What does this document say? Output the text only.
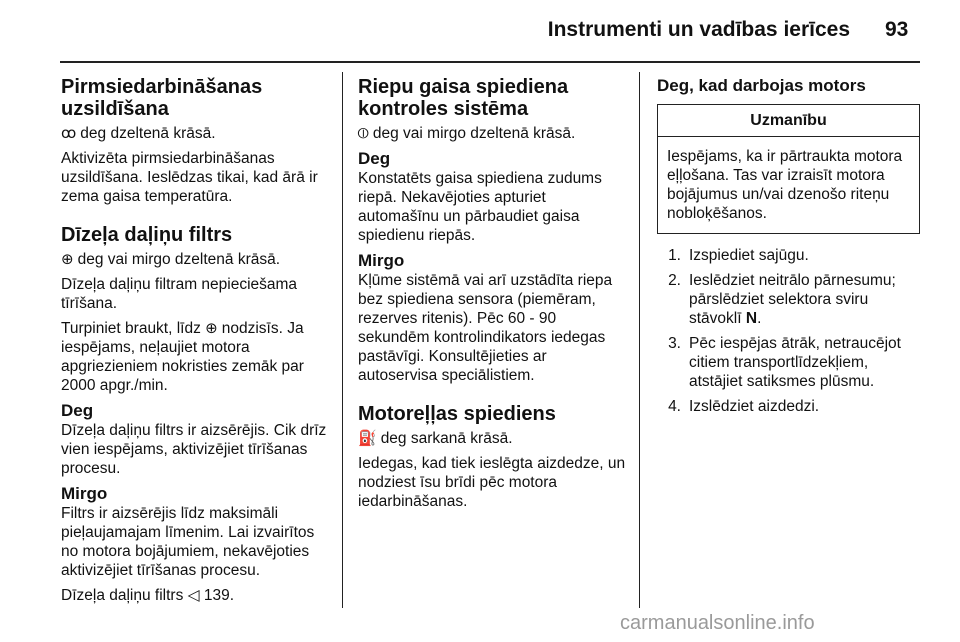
Instrumenti un vadības ierīces 93
Pirmsiedarbināšanas uzsildīšana

ꝏ deg dzeltenā krāsā.

Aktivizēta pirmsiedarbināšanas uzsildīšana. Ieslēdzas tikai, kad ārā ir zema gaisa temperatūra.

Dīzeļa daļiņu filtrs

⊕ deg vai mirgo dzeltenā krāsā.

Dīzeļa daļiņu filtram nepieciešama tīrīšana.

Turpiniet braukt, līdz ⊕ nodzisīs. Ja iespējams, neļaujiet motora apgriezieniem nokristies zemāk par 2000 apgr./min.

Deg

Dīzeļa daļiņu filtrs ir aizsērējis. Cik drīz vien iespējams, aktivizējiet tīrīšanas procesu.

Mirgo

Filtrs ir aizsērējis līdz maksimāli pieļaujamajam līmenim. Lai izvairītos no motora bojājumiem, nekavējoties aktivizējiet tīrīšanas procesu.

Dīzeļa daļiņu filtrs ◁ 139.

Riepu gaisa spiediena kontroles sistēma

⦶ deg vai mirgo dzeltenā krāsā.

Deg

Konstatēts gaisa spiediena zudums riepā. Nekavējoties apturiet automašīnu un pārbaudiet gaisa spiedienu riepās.

Mirgo

Kļūme sistēmā vai arī uzstādīta riepa bez spiediena sensora (piemēram, rezerves ritenis). Pēc 60 - 90 sekundēm kontrolindikators iedegas pastāvīgi. Konsultējieties ar autoservisa speciālistiem.

Motoreļļas spiediens

⛽ deg sarkanā krāsā.

Iedegas, kad tiek ieslēgta aizdedze, un nodziest īsu brīdi pēc motora iedarbināšanas.

Deg, kad darbojas motors
Uzmanību
Iespējams, ka ir pārtraukta motora eļļošana. Tas var izraisīt motora bojājumus un/vai dzenošo riteņu nobloķēšanos.
1. Izspiediet sajūgu.
2. Ieslēdziet neitrālo pārnesumu; pārslēdziet selektora sviru stāvoklī N.
3. Pēc iespējas ātrāk, netraucējot citiem transportlīdzekļiem, atstājiet satiksmes plūsmu.
4. Izslēdziet aizdedzi.
carmanualsonline.info
